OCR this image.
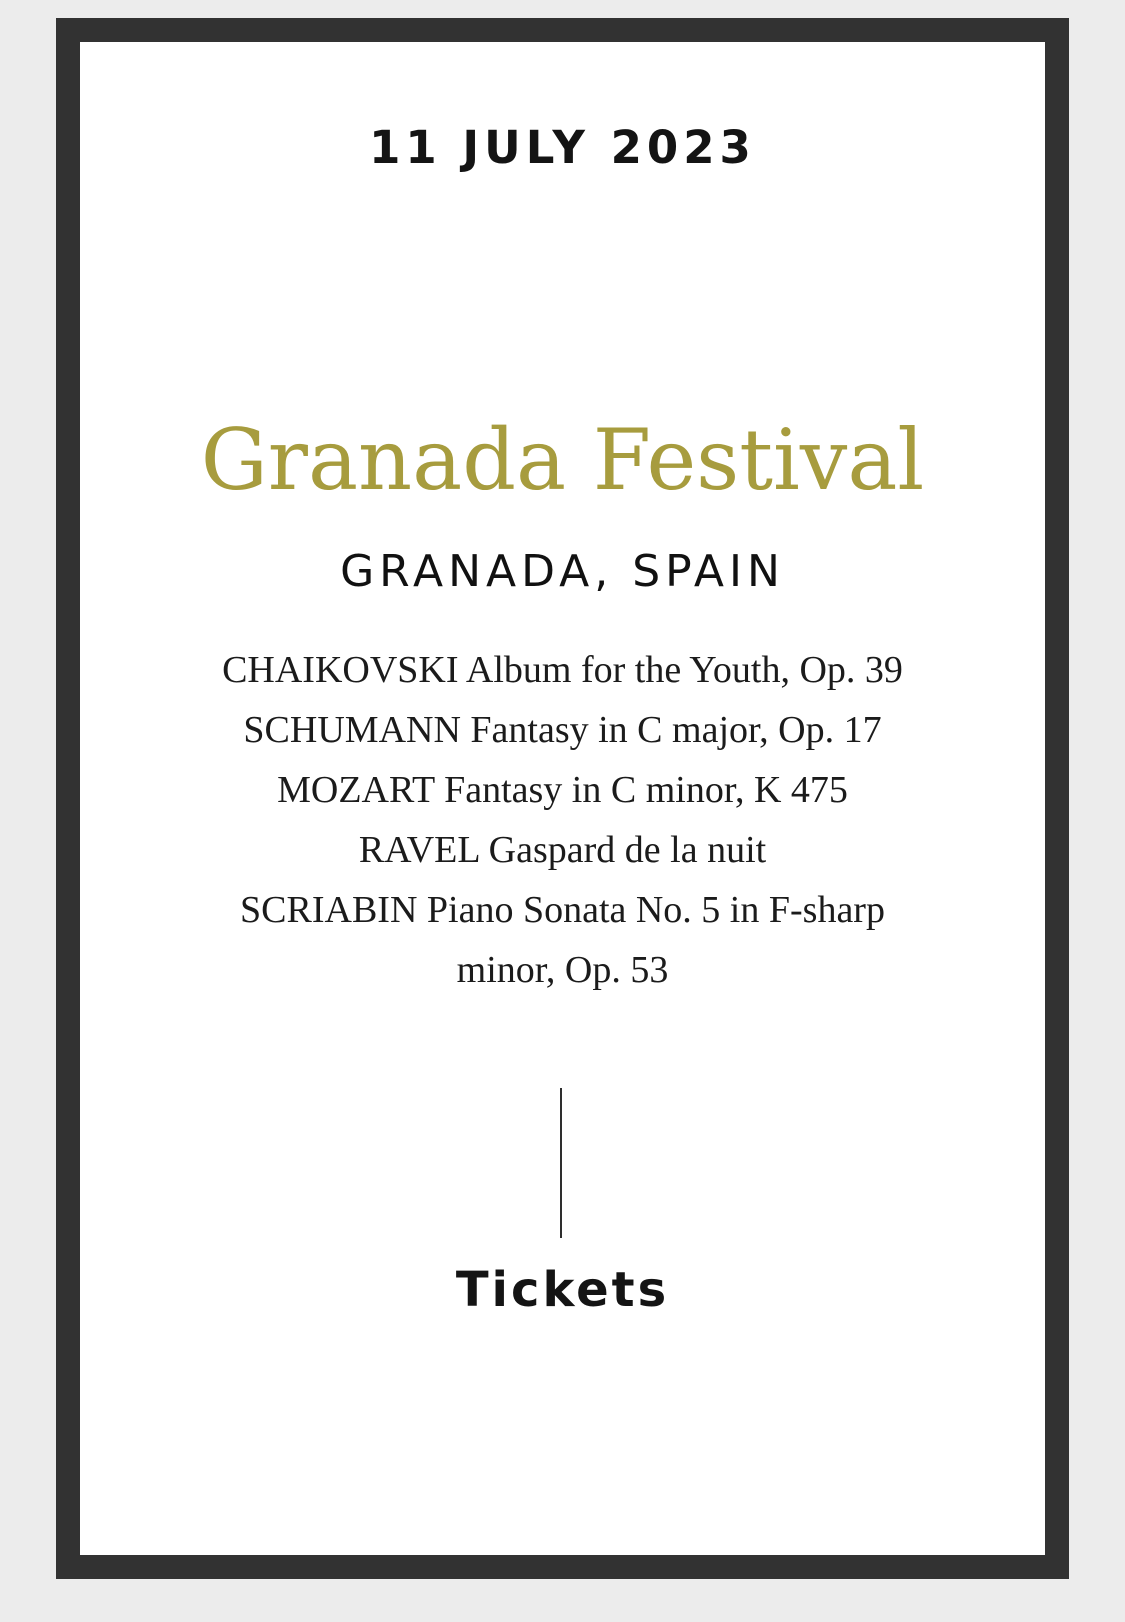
11 JULY 2023
Granada Festival
GRANADA, SPAIN
CHAIKOVSKI Album for the Youth, Op. 39
SCHUMANN Fantasy in C major, Op. 17
MOZART Fantasy in C minor, K 475
RAVEL Gaspard de la nuit
SCRIABIN Piano Sonata No. 5 in F-sharp minor, Op. 53
Tickets
